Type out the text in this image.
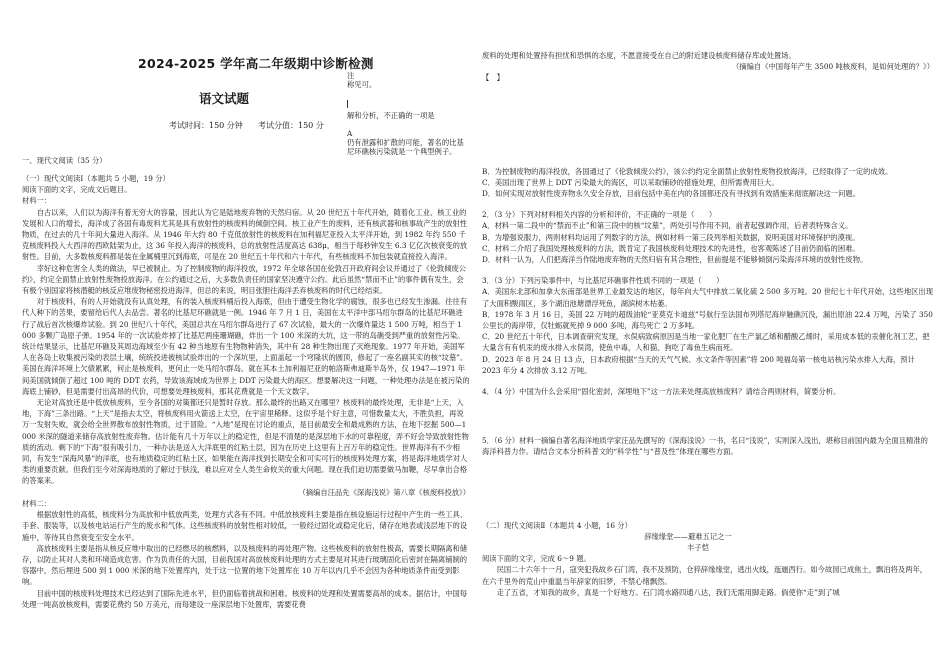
2024-2025 学年高二年级期中诊断检测
语文试题
考试时间：150 分钟 考试分值：150 分
注
称见可。
解和分析，不正确的一项是
A
仍有泄露和扩散的可能，著名的比基
尼环礁核污染就是一个典型例子。
一、现代文阅读（35 分）

（一）现代文阅读Ⅰ（本题共 5 小题，19 分）

阅读下面的文字，完成文后题目。

材料一：

自古以来，人们以为海洋有着无穷大的容量，因此认为它是陆地废弃物的天然归宿。从 20 世纪五十年代开始，随着化工业、核工业的发展和人口的增长，海洋成了各国有毒废料尤其是具有放射性的核废料的倾倒空间。核工业产生的废料，还有核武器和核事故产生的放射性物质，在过去的几十年间大量进入海洋。从 1946 年大约 80 千克低放射性的核废料在加利福尼亚投入太平洋开始，到 1982 年约 550 千克核废料投入大西洋的西欧陆架为止，这 36 年投入海洋的核废料，总的放射性活度高达 638μ，相当于每秒钟发生 6.3 亿亿次核衰变的放射性。目前，大多数核废料都是装在金属桶里沉到海底，可是在 20 世纪五十年代和六十年代，有些核废料不加包装就直接投入海洋。

幸好这种危害全人类的做法，早已被制止。为了控制废物的海洋投放，1972 年全球各国在伦敦召开政府间会议并通过了《伦敦倾废公约》，约定全面禁止放射性废物投放海洋。在公约通过之后，大多数负责任的国家坚决遵守公约。此后虽然“禁而不止”的事件偶有发生，会有极个别国家将核潜艇的核反应堆废物秘密投进海洋，但总的来说，明目张胆往海洋丢弃核废料的时代已经结束。

对于核废料，有的人开始就没有认真处理，有的装入核废料桶后投入海底，但由于遭受生物化学的腐蚀，很多也已经发生渗漏。往往有代人种下的苦果，要留给后代人去品尝。著名的比基尼环礁就是一例。1946 年 7 月 1 日，美国在太平洋中部马绍尔群岛的比基尼环礁进行了战后首次核爆炸试验。到 20 世纪八十年代，美国总共在马绍尔群岛进行了 67 次试验，最大的一次爆炸量达 1 500 万吨，相当于 1 000 多颗广岛原子弹。1954 年的一次试验炸掉了比基尼两座珊瑚礁，炸出一个 100 米深的大坑，这一带的岛礁受到严重的放射性污染。统计结果显示，比基尼环礁及其周边海域至少有 42 种当地原有生物物种消失，其中有 28 种生物出现了灭绝现象。1977 年开始，美国军人在各岛上收集被污染的表层土壤，统统投进被核试验炸出的一个深坑里，上面盖起一个穹隆状的圆顶，修起了一座名副其实的核“坟墓”。美国在海洋坏境上欠债累累，何止是核废料，更何止一处马绍尔群岛。就在其本土加利福尼亚的帕洛斯弗迪斯半岛外，仅 1947—1971 年间美国就倾倒了超过 100 吨的 DDT 农药，导致该海域成为世界上 DDT 污染最大的海区。想要解决这一问题，一种处理办法是在被污染的海底上铺砂，但是需要付出高昂的代价，可想要处理核废料，那其花费就是一个天文数字。

无论对高放还是中低放核废料，至今各国的对策都还只是暂时存放。那么最终的出路又在哪里？核废料的最终处理，无非是“上天，入地，下海”三条出路。“上天”是指去太空，将核废料用火箭送上太空，在宇宙里稀释。这似乎是个好主意，可惜数量太大，不胜负担，再说万一发射失败，就会给全世界散布放射性物质，过于冒险。“入地”是现在讨论的重点，是目前最安全和最成熟的方法，在地下挖掘 500—1 000 米深的隧道来储存高放射性废弃物。估计能有几十万年以上的稳定性，但是不清楚的是深层地下水的可靠程度，弄不好会导致放射性物质的流动。剩下的“下海”很有吸引力，一种办法是送入大洋底里的红粘土层，因为在历史上这里有上百万年的稳定性。世界海洋有不少相同，有发生“深海风暴”的洋底，也有地质稳定的红粘土区，如果能在海洋找到长期安全和可实可行的核废料处理方案，将是海洋地质学对人类的重要贡献。但我们至今对深海地质的了解过于肤浅，难以应对全人类生命攸关的重大问题。现在我们迫切需要做马加鞭，尽早拿出合格的答案来。

（摘编自汪品先《深海浅说》第八章《核废料投放》）

材料二：

根据放射性的高低，核废料分为高放和中低放两类，处理方式各有不同。中低放核废料主要是指在核设施运行过程中产生的一些工具、手套、服装等，以及核电站运行产生的废水和气体。这些核废料的放射性相对较低，一般经过固化或稳定化后，储存在地表或浅层地下的设施中，等待其自然衰变至安全水平。

高放核废料主要是指从核反应堆中取出的已经燃尽的核燃料，以及核废料的再处理产物。这些核废料的放射性极高，需要长期隔离和储存，以防止其对人类和环境造成危害。作为负责任的大国，目前我国对高放核废料处理的方式主要是对其进行玻璃固化后密封在隔离铺制的容器中，然后埋进 500 到 1 000 米深的地下处置库内，处于这一位置的地下处置库在 10 万年以内几乎不会因为各种地质条件而受到影响。

目前中国的核废料处理技术已经达到了国际先进水平，但仍面临着挑战和困难。核废料的处理和处置需要高昂的成本。据估计，中国每处理一吨高放核废料，需要花费约 50 万美元，而每建设一座深层地下处置库，需要花费

废料的处理和处置持有担忧和恐惧的态度，不愿意接受在自己的附近建设核废料储存库或处置场。

（摘编自《中国每年产生 3500 吨核废料，是如何处理的？》）

【　】

B．为控制废物的海洋投放，各国通过了《伦敦倾废公约》，该公约约定全面禁止放射性废物投放海洋，已经取得了一定的成效。

C．美国出现了世界上 DDT 污染最大的海区，可以采取铺砂的措施处理，但所需费用巨大。

D．如何实现对放射性废弃物永久安全存放，目前包括中美在内的各国都还没有寻找到有效措施来彻底解决这一问题。

2．（3 分）下列对材料相关内容的分析和评价，不正确的一项是（　　）

A．材料一第二段中的“禁而不止”和第三段中的核“坟墓”，两处引号作用不同，前者起强调作用，后者表特殊含义。

B．为增强说服力，两则材料均运用了列数字的方法，例如材料一第三段列举相关数据，说明美国对环境保护的漠视。

C．材料二介绍了我国处理核废料的方法，既肯定了我国核废料处理技术的先进性，也客观陈述了目前仍面临的困难。

D．材料一认为，人们把海洋当作陆地废弃物的天然归宿有其合理性，但前提是不能够倾倒污染海洋环境的放射性废物。

3．（3 分）下列污染事件中，与比基尼环礁事件性质不同的一项是（　　）

A．美国东北部和加拿大东南部是世界工业最发达的地区，每年向大气中排放二氧化硫 2 500 多万吨。20 世纪七十年代开始，这些地区出现了大面积酸雨区，多个湖泊池塘漂浮死鱼，湖滨树木枯萎。

B．1978 年 3 月 16 日，美国 22 万吨的超级油轮“亚莫克卡迪兹”号航行至法国布列塔尼海岸触礁沉没，漏出原油 22.4 万吨，污染了 350 公里长的海岸带，仅牡蛎就死掉 9 000 多吨，海鸟死亡 2 万多吨。

C．20 世纪五十年代，日本调查研究发现，水俣病致病原因是当地一家化肥厂在生产氯乙烯和醋酸乙烯时，采用成本低的汞催化剂工艺，把大量含有有机汞的废水排入水俣湾，使鱼中毒，人和猫、狗吃了毒鱼生病而死。

D．2023 年 8 月 24 日 13 点，日本政府根据“当天的天气气候、水文条件等因素”将 200 吨福岛第一核电站核污染水排入大海，预计 2023 年分 4 次排放 3.12 万吨。

4．（4 分）中国为什么会采用“固化密封，深埋地下”这一方法来处理高放核废料？请结合两则材料，简要分析。

5．（6 分）材料一摘编自著名海洋地质学家汪品先撰写的《深海浅说》一书，名曰“浅说”，实则深入浅出，堪称目前国内最为全面且精准的海洋科普力作。请结合文本分析科普文的“科学性”与“普及性”体现在哪些方面。

（二）现代文阅读Ⅱ（本题共 4 小题，16 分）

辞缘缘堂——避难五记之一

丰子恺

阅读下面的文字，完成 6～9 题。

民国二十六年十一月，寇突犯我故乡石门湾，我不及预防，仓猝辞缘缘堂，逃出火线，迤逦西行。如今故园已成焦土，飘泊将及两年，在六千里外的荒山中重温当年辞家的旧梦，不禁心绪飘然。

走了五省，才知我的故乡，真是一个好地方。石门湾水路四通八达，我们无需用脚走路。倘使你“走”到了城
